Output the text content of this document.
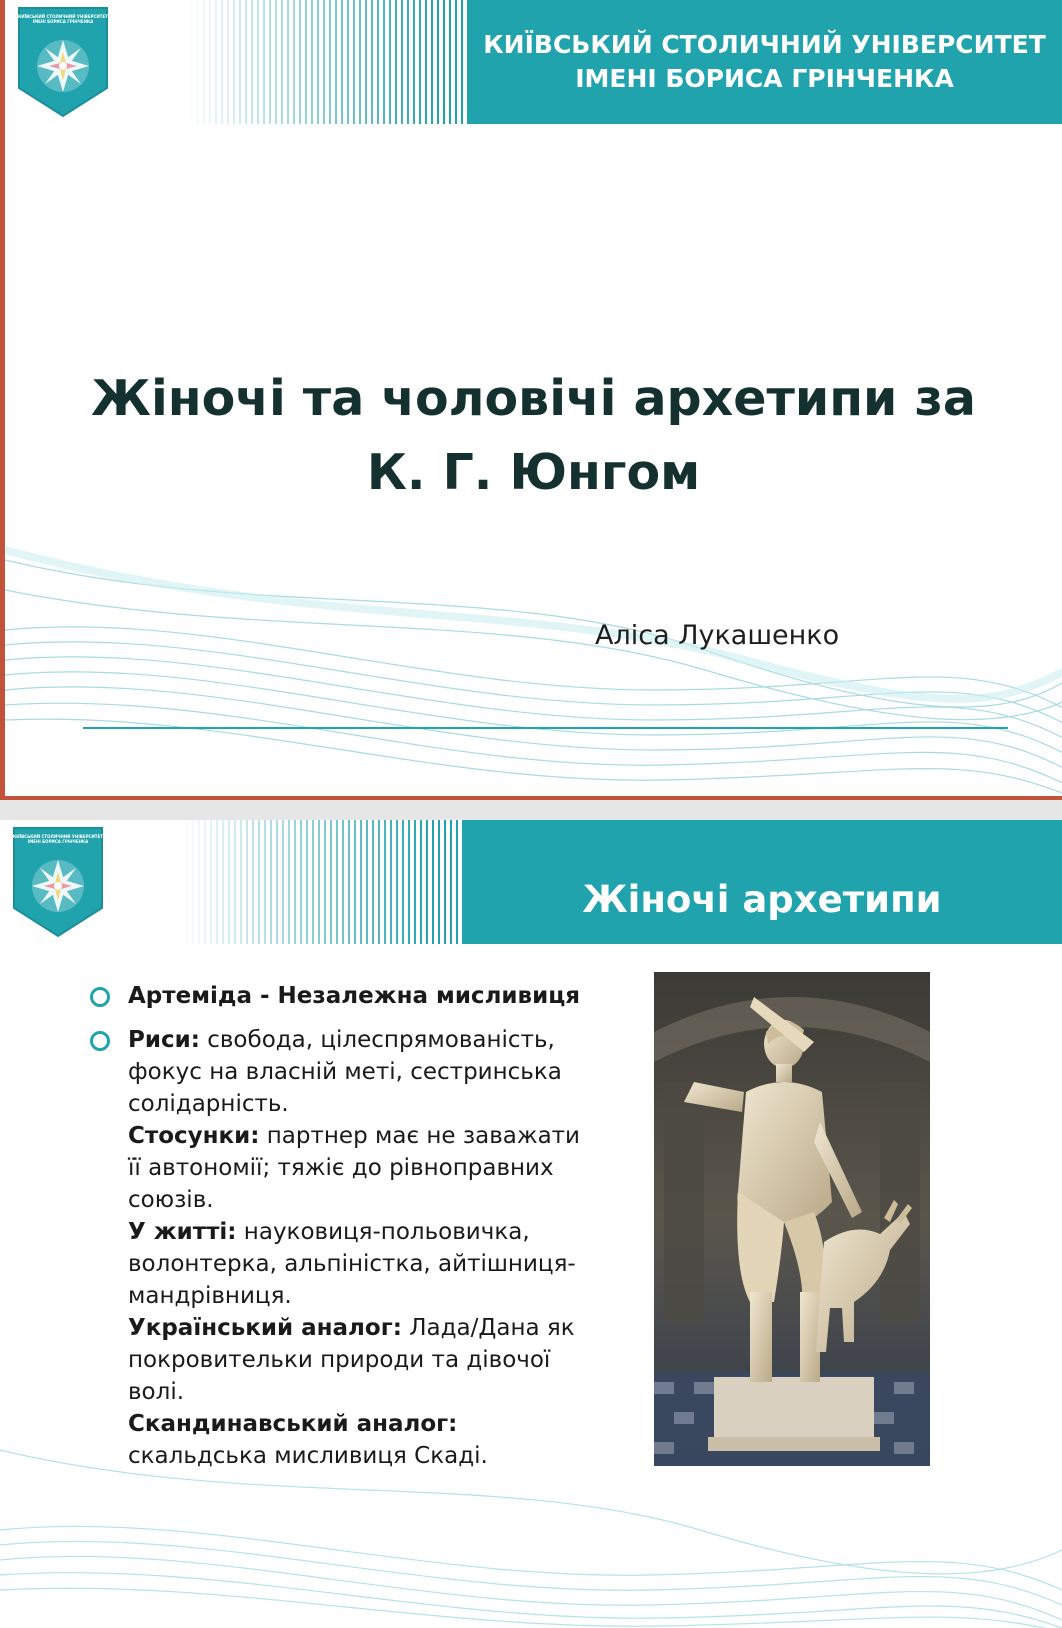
КИЇВСЬКИЙ СТОЛИЧНИЙ УНІВЕРСИТЕТ
ІМЕНІ БОРИСА ГРІНЧЕНКА
КИЇВСЬКИЙ СТОЛИЧНИЙ УНІВЕРСИТЕТ
ІМЕНІ БОРИСА ГРІНЧЕНКА
Жіночі та чоловічі архетипи за
К. Г. Юнгом
Аліса Лукашенко
КИЇВСЬКИЙ СТОЛИЧНИЙ УНІВЕРСИТЕТ
ІМЕНІ БОРИСА ГРІНЧЕНКА
Жіночі архетипи
Артеміда - Незалежна мисливиця
Риси: свобода, цілеспрямованість, фокус на власній меті, сестринська солідарність.
Стосунки: партнер має не заважати її автономії; тяжіє до рівноправних союзів.
У житті: науковиця-польовичка, волонтерка, альпіністка, айтішниця-мандрівниця.
Український аналог: Лада/Дана як покровительки природи та дівочої волі.
Скандинавський аналог: скальдська мисливиця Скаді.
